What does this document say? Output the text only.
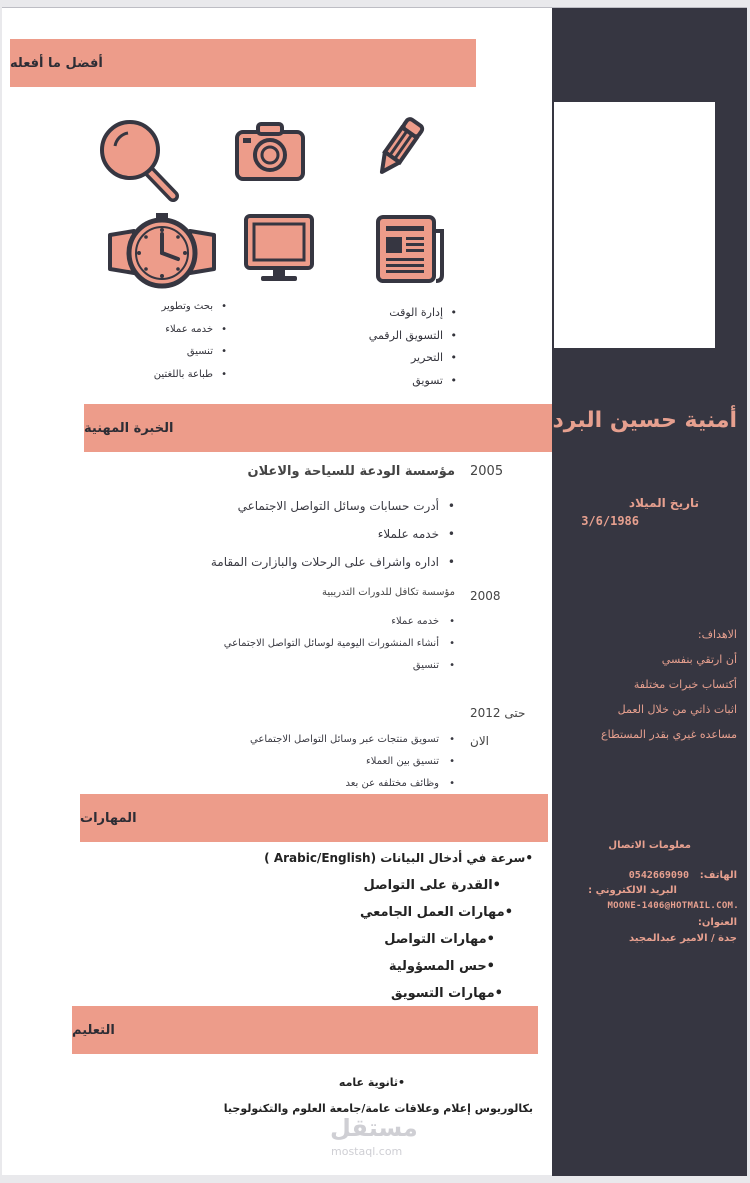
أمنية حسين البرد
تاريخ الميلاد
3/6/1986
الاهداف:
أن ارتقي بنفسي
أكتساب خبرات مختلفة
اثبات ذاتي من خلال العمل
مساعده غيري بقدر المستطاع
معلومات الاتصال
الهاتف:
0542669090
البريد الالكتروني :
MOONE-1406@HOTMAIL.COM.
العنوان:
جدة / الامير عبدالمجيد
أفضل ما أفعله
• إدارة الوقت
• التسويق الرقمي
• التحرير
• تسويق
• بحث وتطوير
• خدمه عملاء
• تنسيق
• طباعة باللغتين
الخبرة المهنية
2005
مؤسسة الودعة للسياحة والاعلان
• أدرت حسابات وسائل التواصل الاجتماعي
• خدمه علملاء
• اداره واشراف على الرحلات والبازارت المقامة
2008
مؤسسة تكافل للدورات التدريبية
• خدمه عملاء
• أنشاء المنشورات اليومية لوسائل التواصل الاجتماعي
• تنسيق
حتى 2012
الان
• تسويق منتجات عبر وسائل التواصل الاجتماعي
• تنسيق بين العملاء
• وظائف مختلفه عن بعد
المهارات
•سرعة في أدخال البيانات (Arabic/English )
•القدرة على التواصل
•مهارات العمل الجامعي
•مهارات التواصل
•حس المسؤولية
•مهارات التسويق
التعليم
•ثانوية عامه
بكالوريوس إعلام وعلاقات عامة/جامعة العلوم والتكنولوجيا
مستقل
mostaql.com
